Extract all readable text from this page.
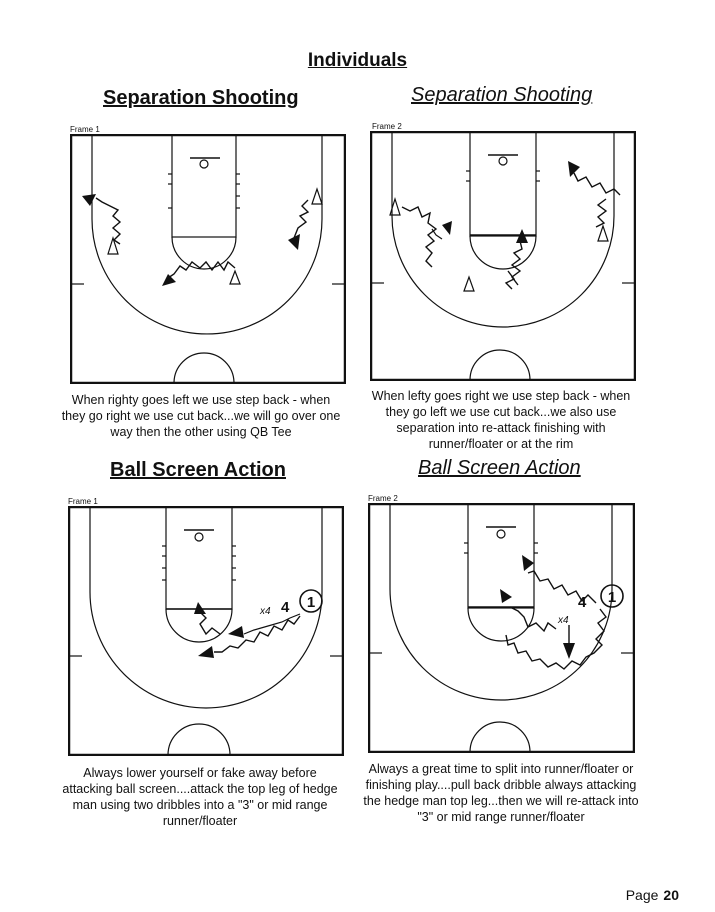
Individuals
Separation Shooting	Separation Shooting
Frame 1	Frame 2
When righty goes left we use step back - when
they go right we use cut back...we will go over one
way then the other using QB Tee
When lefty goes right we use step back - when
they go left we use cut back...we also use
separation into re-attack finishing with
runner/floater or at the rim
Ball Screen Action	Ball Screen Action
Frame 1	Frame 2
1
4
x4
1
4
x4
Always lower yourself or fake away before
attacking ball screen....attack the top leg of hedge
man using two dribbles into a "3" or mid range
runner/floater
Always a great time to split into runner/floater or
finishing play....pull back dribble always attacking
the hedge man top leg...then we will re-attack into
"3" or mid range runner/floater
Page 20
